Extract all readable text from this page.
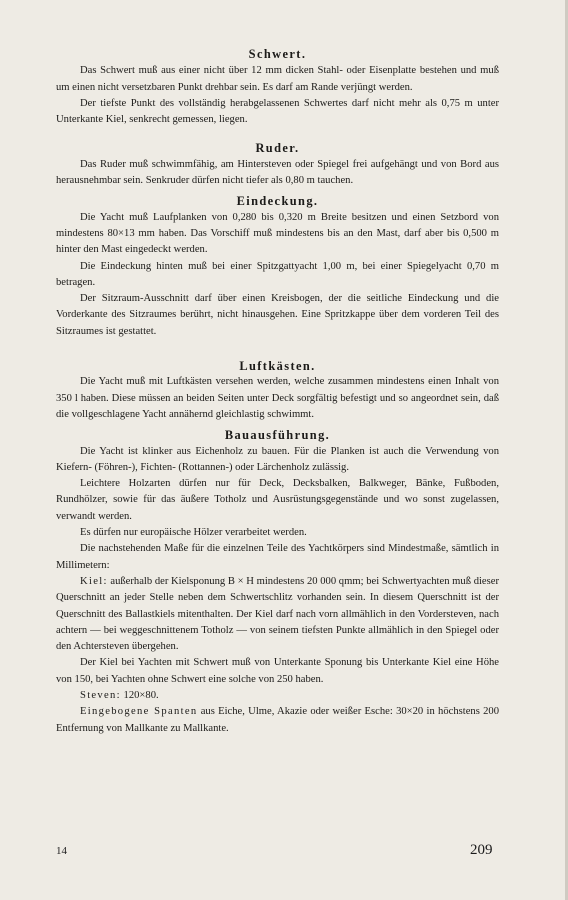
Schwert.

Das Schwert muß aus einer nicht über 12 mm dicken Stahl- oder Eisenplatte bestehen und muß um einen nicht versetzbaren Punkt drehbar sein. Es darf am Rande verjüngt werden.

Der tiefste Punkt des vollständig herabgelassenen Schwertes darf nicht mehr als 0,75 m unter Unterkante Kiel, senkrecht gemessen, liegen.

Ruder.

Das Ruder muß schwimmfähig, am Hintersteven oder Spiegel frei aufgehängt und von Bord aus herausnehmbar sein. Senkruder dürfen nicht tiefer als 0,80 m tauchen.

Eindeckung.

Die Yacht muß Laufplanken von 0,280 bis 0,320 m Breite besitzen und einen Setzbord von mindestens 80×13 mm haben. Das Vorschiff muß mindestens bis an den Mast, darf aber bis 0,500 m hinter den Mast eingedeckt werden.

Die Eindeckung hinten muß bei einer Spitzgattyacht 1,00 m, bei einer Spiegelyacht 0,70 m betragen.

Der Sitzraum-Ausschnitt darf über einen Kreisbogen, der die seitliche Eindeckung und die Vorderkante des Sitzraumes berührt, nicht hinausgehen. Eine Spritzkappe über dem vorderen Teil des Sitzraumes ist gestattet.

Luftkästen.

Die Yacht muß mit Luftkästen versehen werden, welche zusammen mindestens einen Inhalt von 350 l haben. Diese müssen an beiden Seiten unter Deck sorgfältig befestigt und so angeordnet sein, daß die vollgeschlagene Yacht annähernd gleichlastig schwimmt.

Bauausführung.

Die Yacht ist klinker aus Eichenholz zu bauen. Für die Planken ist auch die Verwendung von Kiefern- (Föhren-), Fichten- (Rottannen-) oder Lärchenholz zulässig.

Leichtere Holzarten dürfen nur für Deck, Decksbalken, Balkweger, Bänke, Fußboden, Rundhölzer, sowie für das äußere Totholz und Ausrüstungsgegenstände und wo sonst zugelassen, verwandt werden.

Es dürfen nur europäische Hölzer verarbeitet werden.

Die nachstehenden Maße für die einzelnen Teile des Yachtkörpers sind Mindestmaße, sämtlich in Millimetern:

Kiel: außerhalb der Kielsponung B × H mindestens 20 000 qmm; bei Schwertyachten muß dieser Querschnitt an jeder Stelle neben dem Schwertschlitz vorhanden sein. In diesem Querschnitt ist der Querschnitt des Ballastkiels mitenthalten. Der Kiel darf nach vorn allmählich in den Vordersteven, nach achtern — bei weggeschnittenem Totholz — von seinem tiefsten Punkte allmählich in den Spiegel oder den Achtersteven übergehen.

Der Kiel bei Yachten mit Schwert muß von Unterkante Sponung bis Unterkante Kiel eine Höhe von 150, bei Yachten ohne Schwert eine solche von 250 haben.

Steven: 120×80.

Eingebogene Spanten aus Eiche, Ulme, Akazie oder weißer Esche: 30×20 in höchstens 200 Entfernung von Mallkante zu Mallkante.

14	209
